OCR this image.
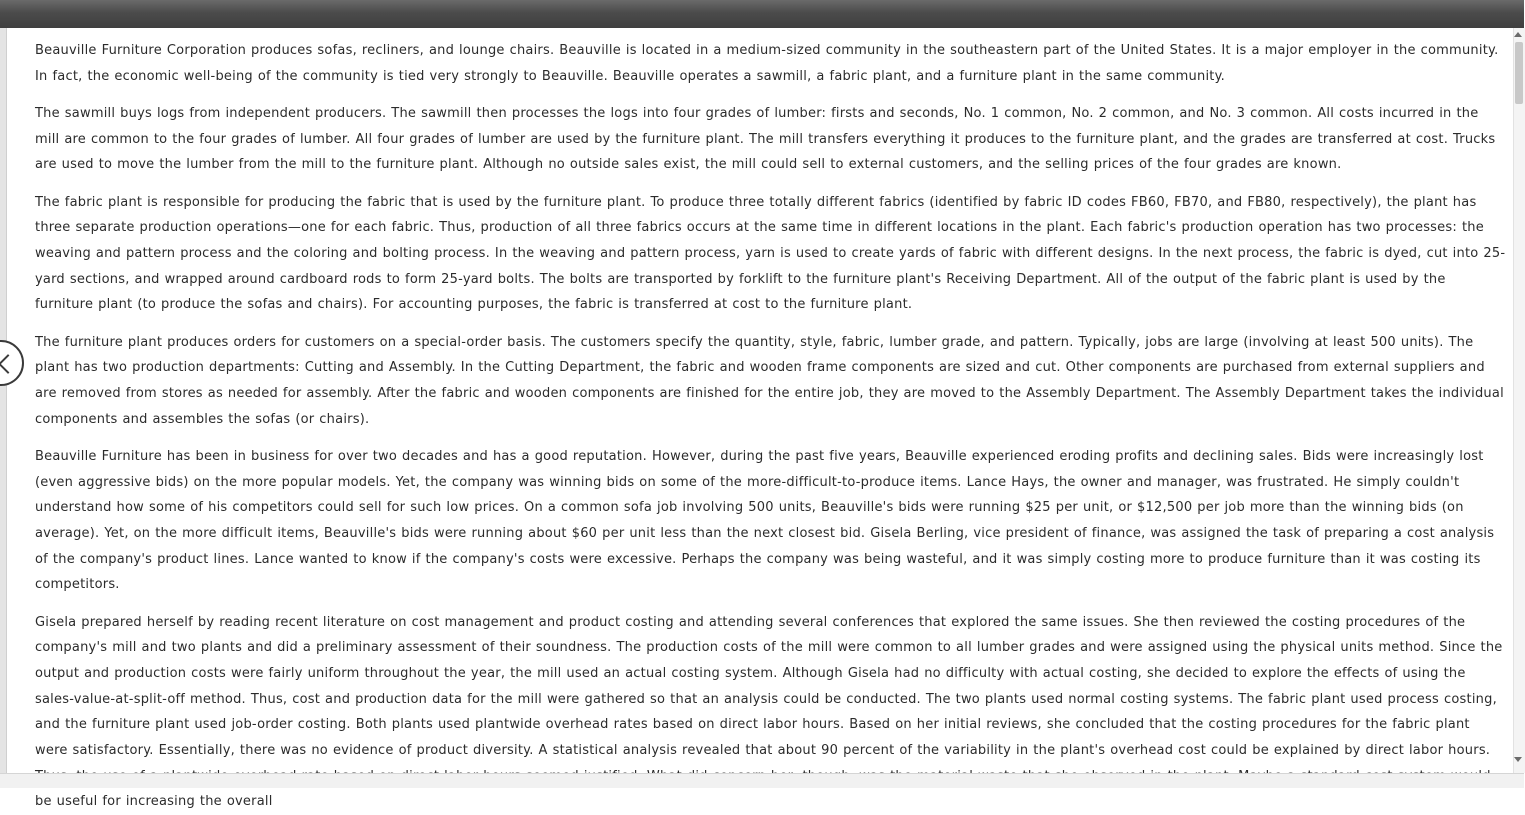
Beauville Furniture Corporation produces sofas, recliners, and lounge chairs. Beauville is located in a medium-sized community in the southeastern part of the United States. It is a major employer in the community. In fact, the economic well-being of the community is tied very strongly to Beauville. Beauville operates a sawmill, a fabric plant, and a furniture plant in the same community.

The sawmill buys logs from independent producers. The sawmill then processes the logs into four grades of lumber: firsts and seconds, No. 1 common, No. 2 common, and No. 3 common. All costs incurred in the mill are common to the four grades of lumber. All four grades of lumber are used by the furniture plant. The mill transfers everything it produces to the furniture plant, and the grades are transferred at cost. Trucks are used to move the lumber from the mill to the furniture plant. Although no outside sales exist, the mill could sell to external customers, and the selling prices of the four grades are known.

The fabric plant is responsible for producing the fabric that is used by the furniture plant. To produce three totally different fabrics (identified by fabric ID codes FB60, FB70, and FB80, respectively), the plant has three separate production operations—one for each fabric. Thus, production of all three fabrics occurs at the same time in different locations in the plant. Each fabric's production operation has two processes: the weaving and pattern process and the coloring and bolting process. In the weaving and pattern process, yarn is used to create yards of fabric with different designs. In the next process, the fabric is dyed, cut into 25-yard sections, and wrapped around cardboard rods to form 25-yard bolts. The bolts are transported by forklift to the furniture plant's Receiving Department. All of the output of the fabric plant is used by the furniture plant (to produce the sofas and chairs). For accounting purposes, the fabric is transferred at cost to the furniture plant.

The furniture plant produces orders for customers on a special-order basis. The customers specify the quantity, style, fabric, lumber grade, and pattern. Typically, jobs are large (involving at least 500 units). The plant has two production departments: Cutting and Assembly. In the Cutting Department, the fabric and wooden frame components are sized and cut. Other components are purchased from external suppliers and are removed from stores as needed for assembly. After the fabric and wooden components are finished for the entire job, they are moved to the Assembly Department. The Assembly Department takes the individual components and assembles the sofas (or chairs).

Beauville Furniture has been in business for over two decades and has a good reputation. However, during the past five years, Beauville experienced eroding profits and declining sales. Bids were increasingly lost (even aggressive bids) on the more popular models. Yet, the company was winning bids on some of the more-difficult-to-produce items. Lance Hays, the owner and manager, was frustrated. He simply couldn't understand how some of his competitors could sell for such low prices. On a common sofa job involving 500 units, Beauville's bids were running $25 per unit, or $12,500 per job more than the winning bids (on average). Yet, on the more difficult items, Beauville's bids were running about $60 per unit less than the next closest bid. Gisela Berling, vice president of finance, was assigned the task of preparing a cost analysis of the company's product lines. Lance wanted to know if the company's costs were excessive. Perhaps the company was being wasteful, and it was simply costing more to produce furniture than it was costing its competitors.

Gisela prepared herself by reading recent literature on cost management and product costing and attending several conferences that explored the same issues. She then reviewed the costing procedures of the company's mill and two plants and did a preliminary assessment of their soundness. The production costs of the mill were common to all lumber grades and were assigned using the physical units method. Since the output and production costs were fairly uniform throughout the year, the mill used an actual costing system. Although Gisela had no difficulty with actual costing, she decided to explore the effects of using the sales-value-at-split-off method. Thus, cost and production data for the mill were gathered so that an analysis could be conducted. The two plants used normal costing systems. The fabric plant used process costing, and the furniture plant used job-order costing. Both plants used plantwide overhead rates based on direct labor hours. Based on her initial reviews, she concluded that the costing procedures for the fabric plant were satisfactory. Essentially, there was no evidence of product diversity. A statistical analysis revealed that about 90 percent of the variability in the plant's overhead cost could be explained by direct labor hours. be useful for increasing the overall
